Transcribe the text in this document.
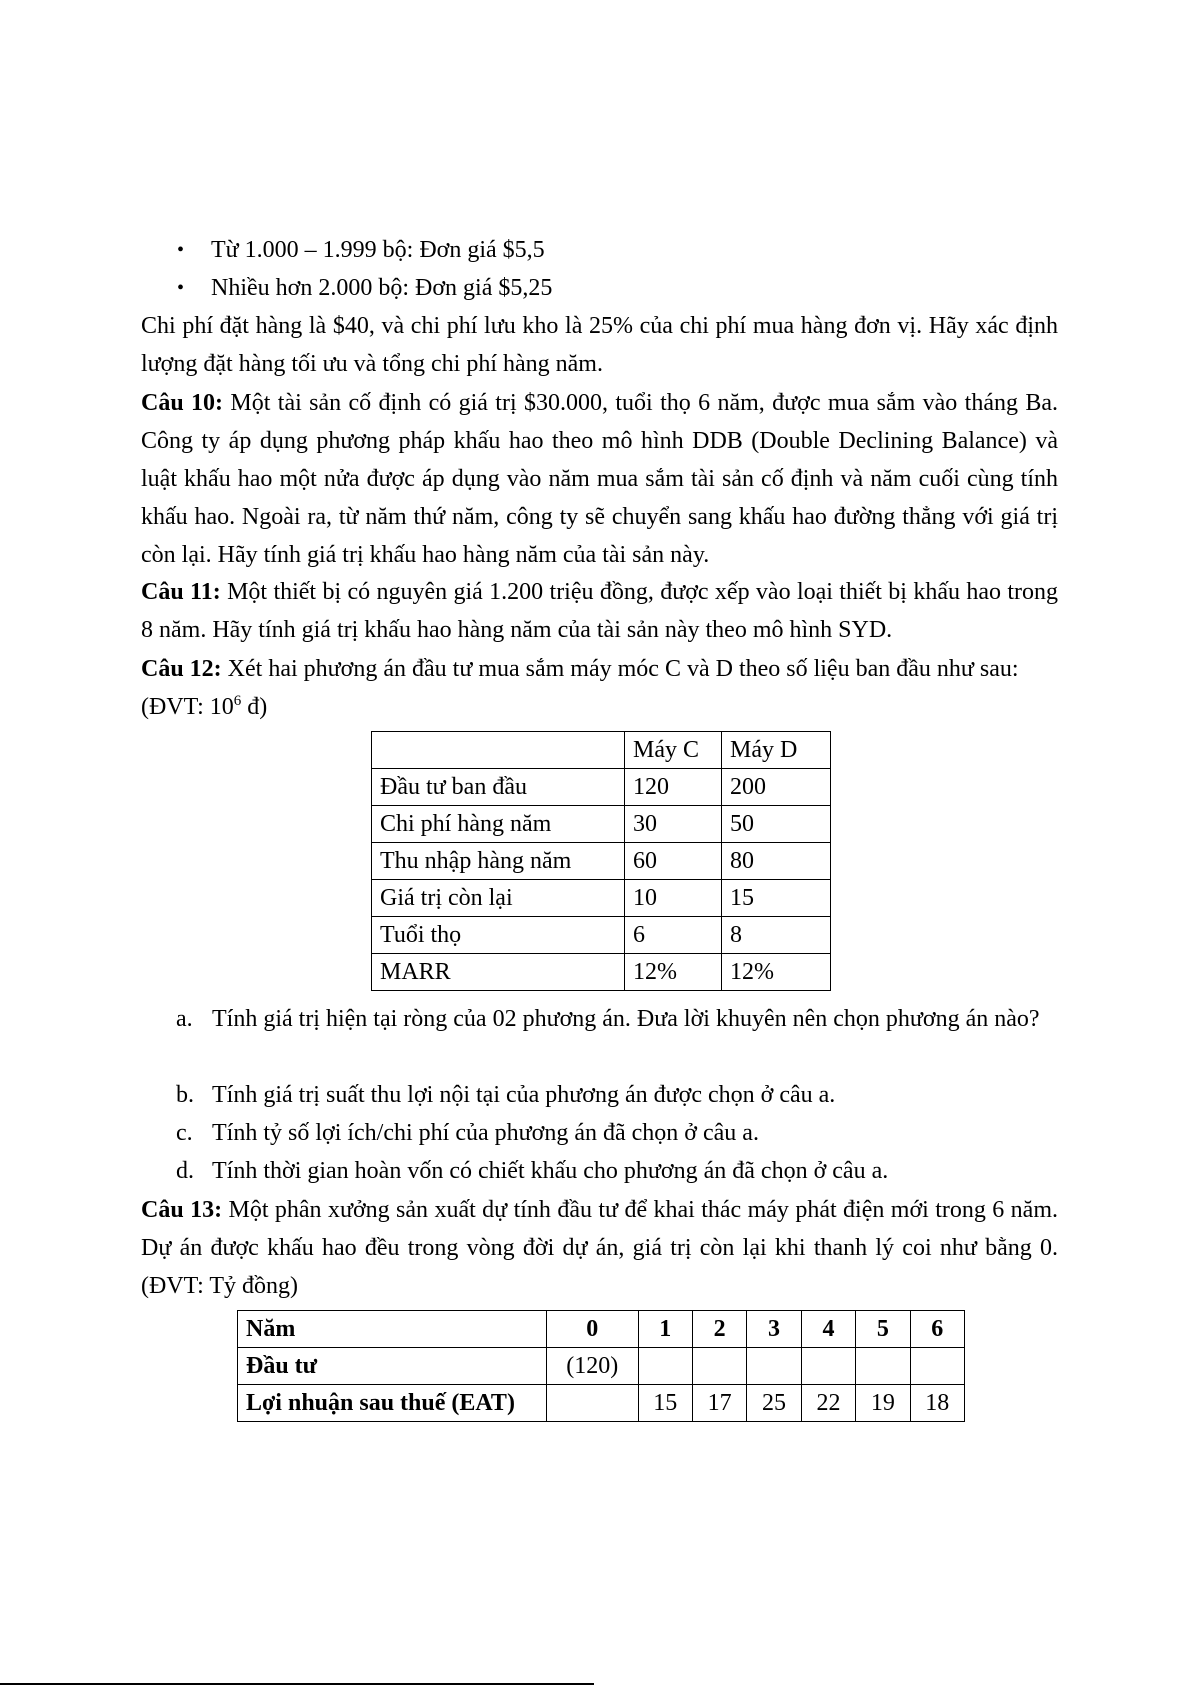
• Từ 1.000 – 1.999 bộ: Đơn giá $5,5
• Nhiều hơn 2.000 bộ: Đơn giá $5,25
Chi phí đặt hàng là $40, và chi phí lưu kho là 25% của chi phí mua hàng đơn vị. Hãy xác định lượng đặt hàng tối ưu và tổng chi phí hàng năm.
Câu 10: Một tài sản cố định có giá trị $30.000, tuổi thọ 6 năm, được mua sắm vào tháng Ba. Công ty áp dụng phương pháp khấu hao theo mô hình DDB (Double Declining Balance) và luật khấu hao một nửa được áp dụng vào năm mua sắm tài sản cố định và năm cuối cùng tính khấu hao. Ngoài ra, từ năm thứ năm, công ty sẽ chuyển sang khấu hao đường thẳng với giá trị còn lại. Hãy tính giá trị khấu hao hàng năm của tài sản này.
Câu 11: Một thiết bị có nguyên giá 1.200 triệu đồng, được xếp vào loại thiết bị khấu hao trong 8 năm. Hãy tính giá trị khấu hao hàng năm của tài sản này theo mô hình SYD.
Câu 12: Xét hai phương án đầu tư mua sắm máy móc C và D theo số liệu ban đầu như sau:
(ĐVT: $10^6$ đ)
	Máy C	Máy D
Đầu tư ban đầu	120	200
Chi phí hàng năm	30	50
Thu nhập hàng năm	60	80
Giá trị còn lại	10	15
Tuổi thọ	6	8
MARR	12%	12%
a. Tính giá trị hiện tại ròng của 02 phương án. Đưa lời khuyên nên chọn phương án nào?
b. Tính giá trị suất thu lợi nội tại của phương án được chọn ở câu a.
c. Tính tỷ số lợi ích/chi phí của phương án đã chọn ở câu a.
d. Tính thời gian hoàn vốn có chiết khấu cho phương án đã chọn ở câu a.
Câu 13: Một phân xưởng sản xuất dự tính đầu tư để khai thác máy phát điện mới trong 6 năm. Dự án được khấu hao đều trong vòng đời dự án, giá trị còn lại khi thanh lý coi như bằng 0. (ĐVT: Tỷ đồng)
Năm	0	1	2	3	4	5	6
Đầu tư	(120)						
Lợi nhuận sau thuế (EAT)		15	17	25	22	19	18
